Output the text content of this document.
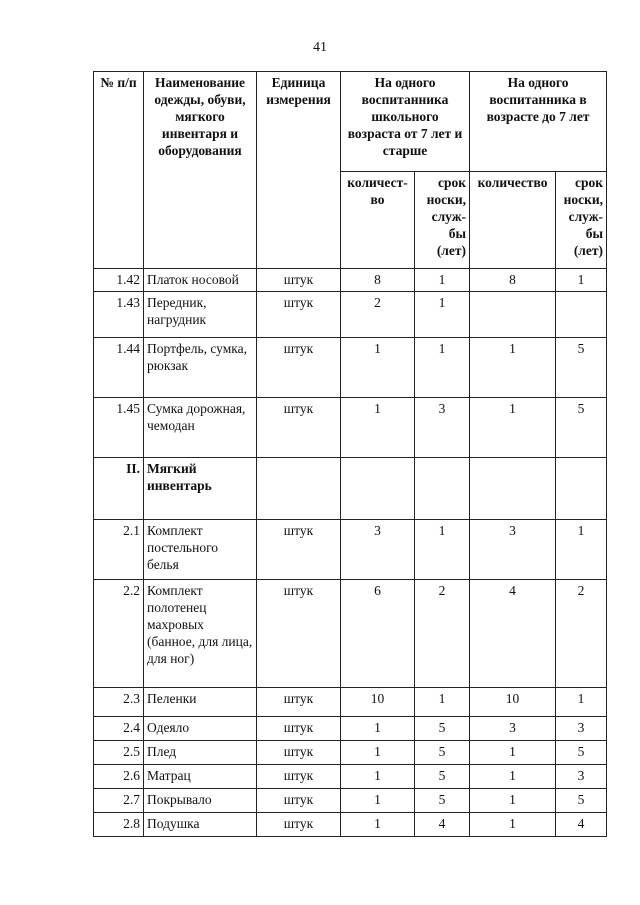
41
№ п/п	Наименование одежды, обуви, мягкого инвентаря и оборудования	Единица измерения	На одного воспитанника школьного возраста от 7 лет и старше		На одного воспитанника в возрасте до 7 лет	
			количест-во	срок носки, служ-бы (лет)	количество	срок носки, служ-бы (лет)
1.42	Платок носовой	штук	8	1	8	1
1.43	Передник, нагрудник	штук	2	1		
1.44	Портфель, сумка, рюкзак	штук	1	1	1	5
1.45	Сумка дорожная, чемодан	штук	1	3	1	5
II.	Мягкий инвентарь					
2.1	Комплект постельного белья	штук	3	1	3	1
2.2	Комплект полотенец махровых (банное, для лица, для ног)	штук	6	2	4	2
2.3	Пеленки	штук	10	1	10	1
2.4	Одеяло	штук	1	5	3	3
2.5	Плед	штук	1	5	1	5
2.6	Матрац	штук	1	5	1	3
2.7	Покрывало	штук	1	5	1	5
2.8	Подушка	штук	1	4	1	4
